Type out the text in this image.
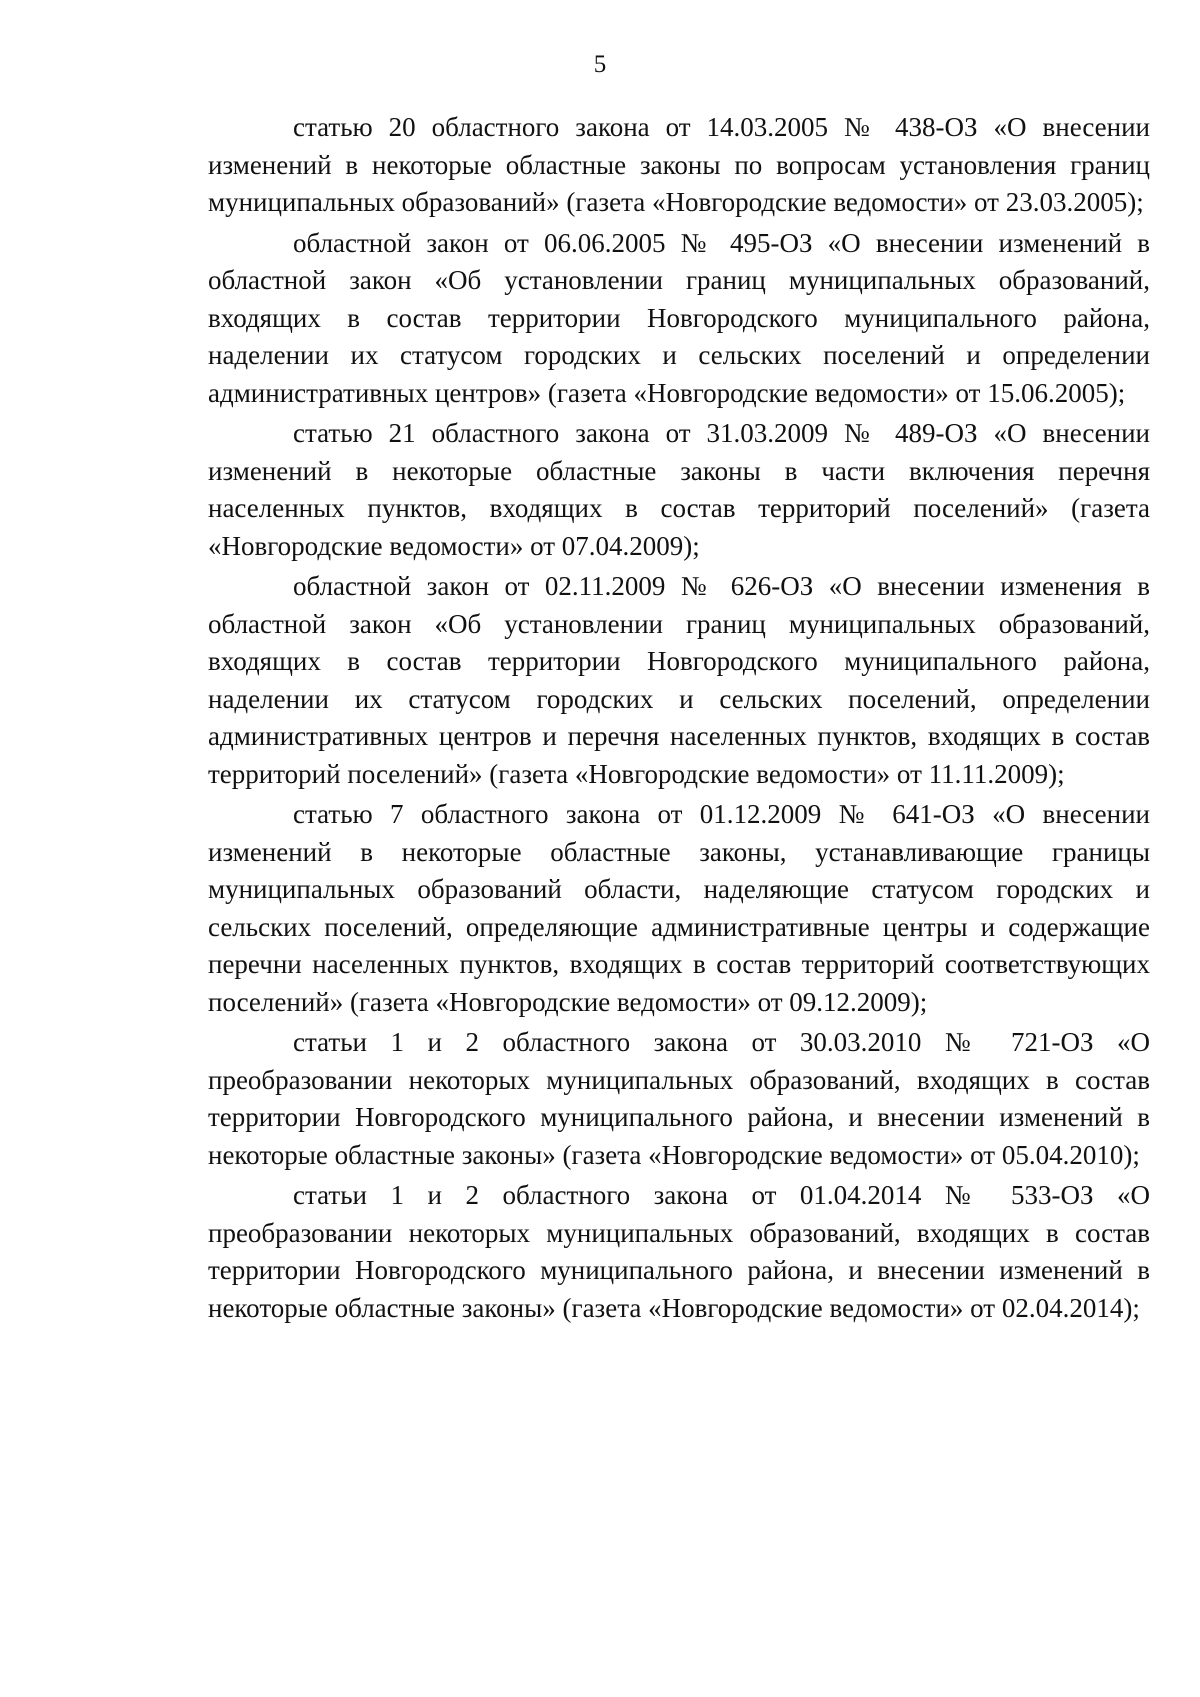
5

статью 20 областного закона от 14.03.2005 № 438-ОЗ «О внесении изменений в некоторые областные законы по вопросам установления границ муниципальных образований» (газета «Новгородские ведомости» от 23.03.2005);

областной закон от 06.06.2005 № 495-ОЗ «О внесении изменений в областной закон «Об установлении границ муниципальных образований, входящих в состав территории Новгородского муниципального района, наделении их статусом городских и сельских поселений и определении административных центров» (газета «Новгородские ведомости» от 15.06.2005);

статью 21 областного закона от 31.03.2009 № 489-ОЗ «О внесении изменений в некоторые областные законы в части включения перечня населенных пунктов, входящих в состав территорий поселений» (газета «Новгородские ведомости» от 07.04.2009);

областной закон от 02.11.2009 № 626-ОЗ «О внесении изменения в областной закон «Об установлении границ муниципальных образований, входящих в состав территории Новгородского муниципального района, наделении их статусом городских и сельских поселений, определении административных центров и перечня населенных пунктов, входящих в состав территорий поселений» (газета «Новгородские ведомости» от 11.11.2009);

статью 7 областного закона от 01.12.2009 № 641-ОЗ «О внесении изменений в некоторые областные законы, устанавливающие границы муниципальных образований области, наделяющие статусом городских и сельских поселений, определяющие административные центры и содержащие перечни населенных пунктов, входящих в состав территорий соответствующих поселений» (газета «Новгородские ведомости» от 09.12.2009);

статьи 1 и 2 областного закона от 30.03.2010 № 721-ОЗ «О преобразовании некоторых муниципальных образований, входящих в состав территории Новгородского муниципального района, и внесении изменений в некоторые областные законы» (газета «Новгородские ведомости» от 05.04.2010);

статьи 1 и 2 областного закона от 01.04.2014 № 533-ОЗ «О преобразовании некоторых муниципальных образований, входящих в состав территории Новгородского муниципального района, и внесении изменений в некоторые областные законы» (газета «Новгородские ведомости» от 02.04.2014);
